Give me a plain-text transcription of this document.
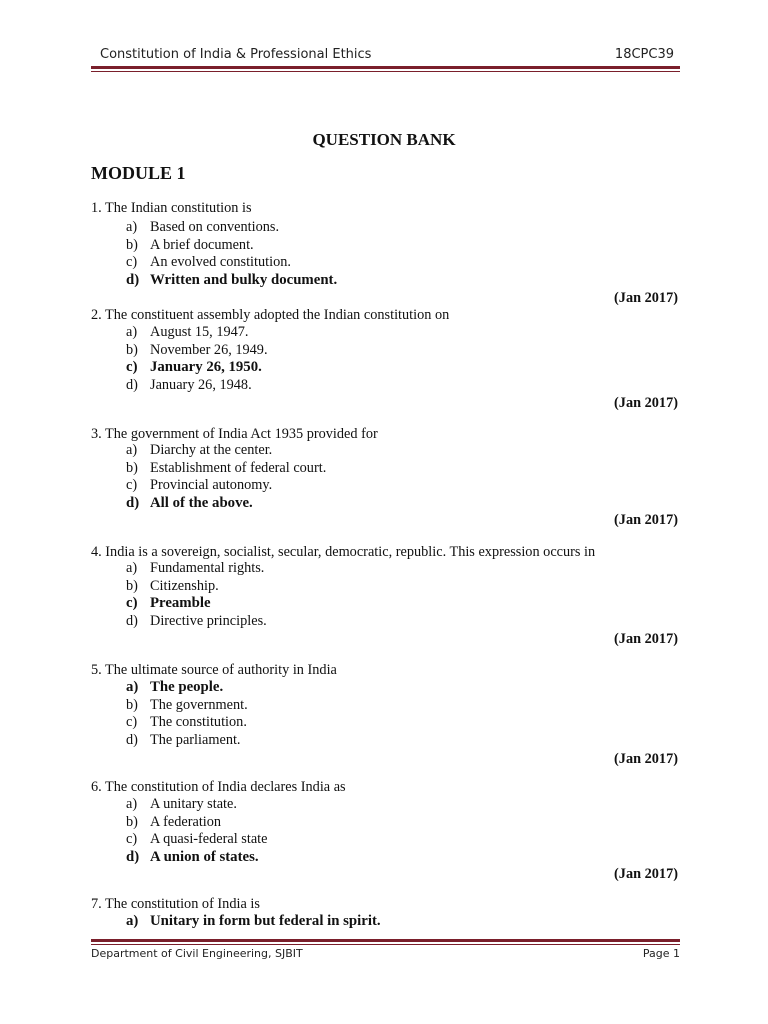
Constitution of India & Professional Ethics	18CPC39
QUESTION BANK
MODULE 1
1. The Indian constitution is
a) Based on conventions.
b) A brief document.
c) An evolved constitution.
d) Written and bulky document.
(Jan 2017)
2. The constituent assembly adopted the Indian constitution on
a) August 15, 1947.
b) November 26, 1949.
c) January 26, 1950.
d) January 26, 1948.
(Jan 2017)
3. The government of India Act 1935 provided for
a) Diarchy at the center.
b) Establishment of federal court.
c) Provincial autonomy.
d) All of the above.
(Jan 2017)
4. India is a sovereign, socialist, secular, democratic, republic. This expression occurs in
a) Fundamental rights.
b) Citizenship.
c) Preamble
d) Directive principles.
(Jan 2017)
5. The ultimate source of authority in India
a) The people.
b) The government.
c) The constitution.
d) The parliament.
(Jan 2017)
6. The constitution of India declares India as
a) A unitary state.
b) A federation
c) A quasi-federal state
d) A union of states.
(Jan 2017)
7. The constitution of India is
a) Unitary in form but federal in spirit.
Department of Civil Engineering, SJBIT	Page 1
